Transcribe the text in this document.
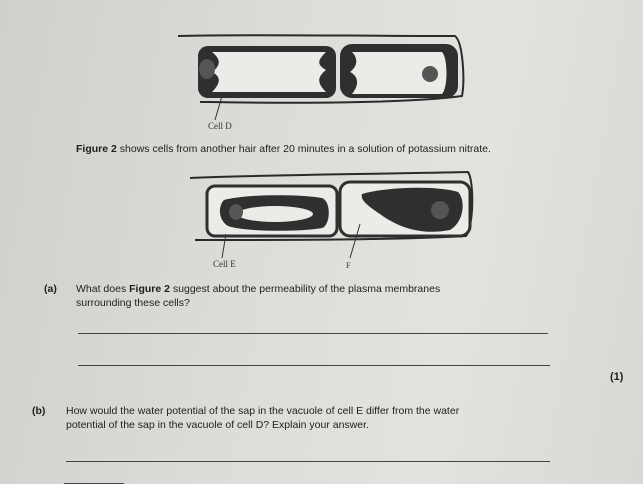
Cell D
Figure 2 shows cells from another hair after 20 minutes in a solution of potassium nitrate.
Cell E	F
(a) What does Figure 2 suggest about the permeability of the plasma membranes
surrounding these cells?
(1)
(b) How would the water potential of the sap in the vacuole of cell E differ from the water
potential of the sap in the vacuole of cell D? Explain your answer.
